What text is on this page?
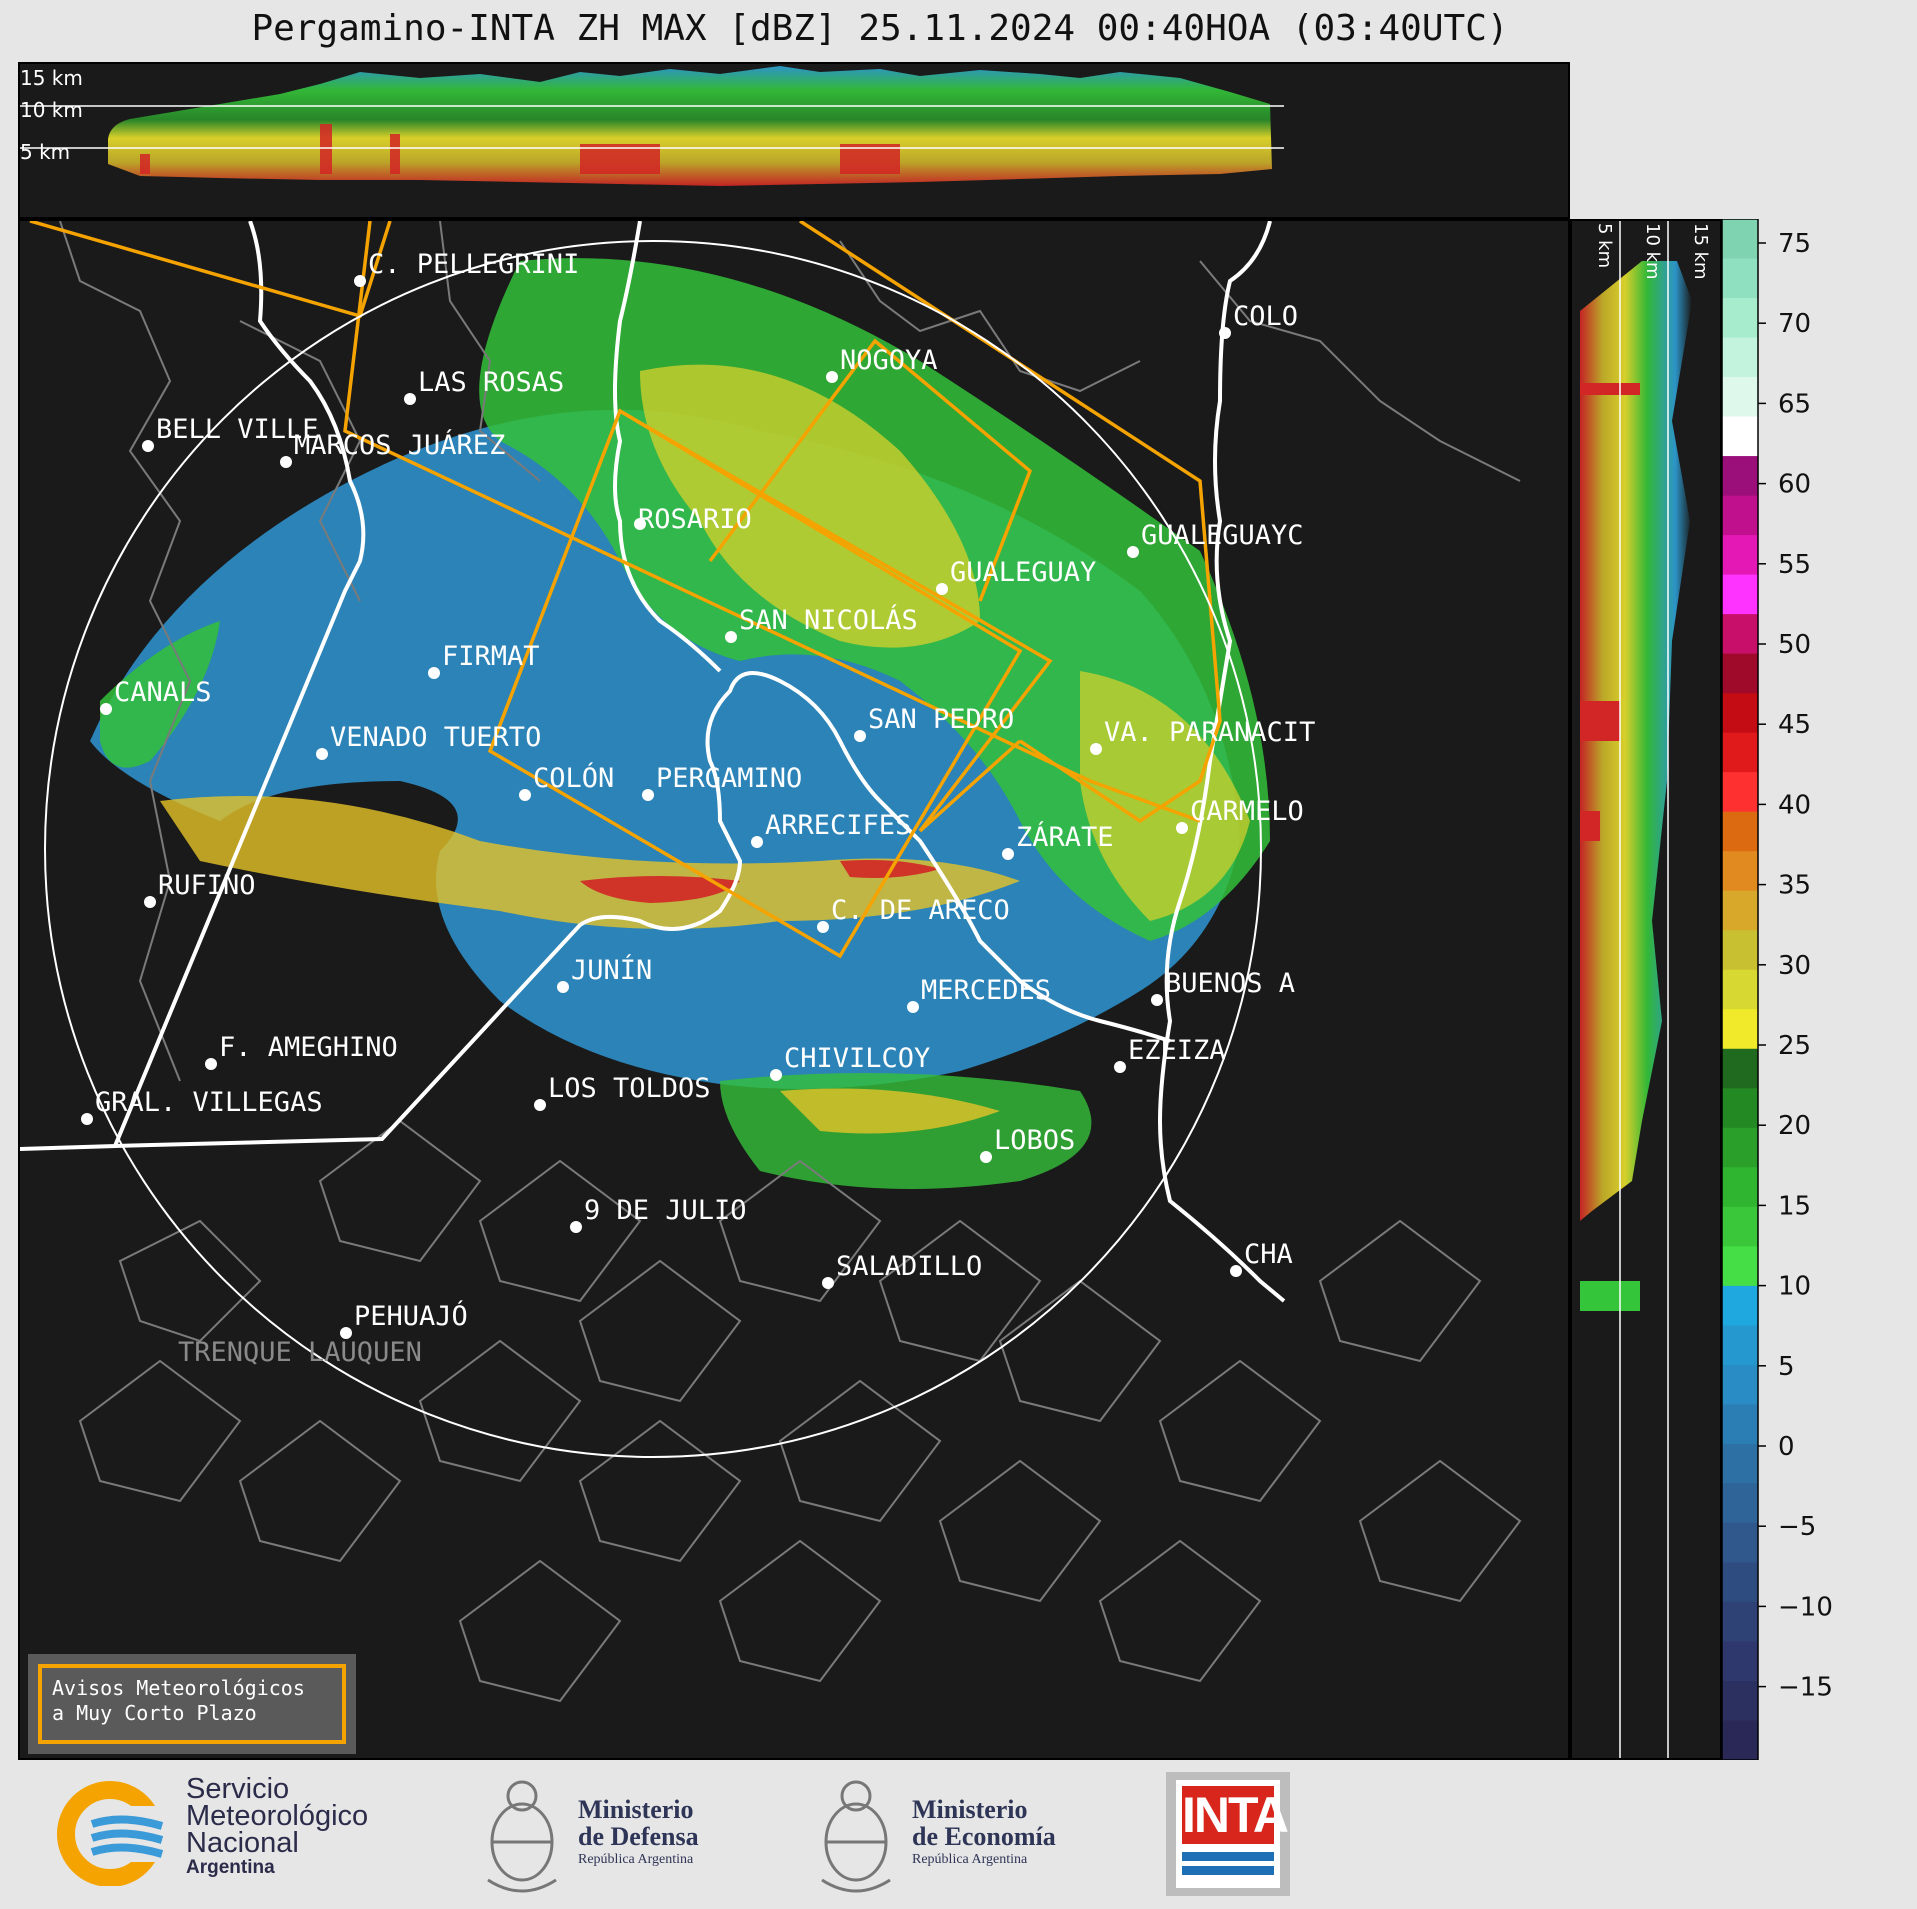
Pergamino-INTA ZH MAX [dBZ] 25.11.2024 00:40HOA (03:40UTC)
15 km
10 km
5 km
C. PELLEGRINI
LAS ROSAS
NOGOYA
COLO
BELL VILLE
MARCOS JUÁREZ
ROSARIO
GUALEGUAYC
GUALEGUAY
SAN NICOLÁS
FIRMAT
CANALS
SAN PEDRO
VENADO TUERTO	VA. PARANACIT
COLÓN PERGAMINO
CARMELO
ARRECIFES	ZÁRATE
RUFINO
C. DE ARECO
JUNÍN
MERCEDES	BUENOS A
F. AMEGHINO	EZEIZA
CHIVILCOY
LOS TOLDOS
GRAL. VILLEGAS
LOBOS
9 DE JULIO
CHA
SALADILLO
PEHUAJÓ
TRENQUE LAUQUEN
5 km 10 km 15 km	75
70
65
60
55
50
45
40
35
30
25
20
15
10
5
0
−5
−10
−15
Avisos Meteorológicos
a Muy Corto Plazo
Servicio
Meteorológico
Nacional
Argentina
Ministerio
de Defensa
República Argentina
Ministerio
de Economía
República Argentina
INTA
